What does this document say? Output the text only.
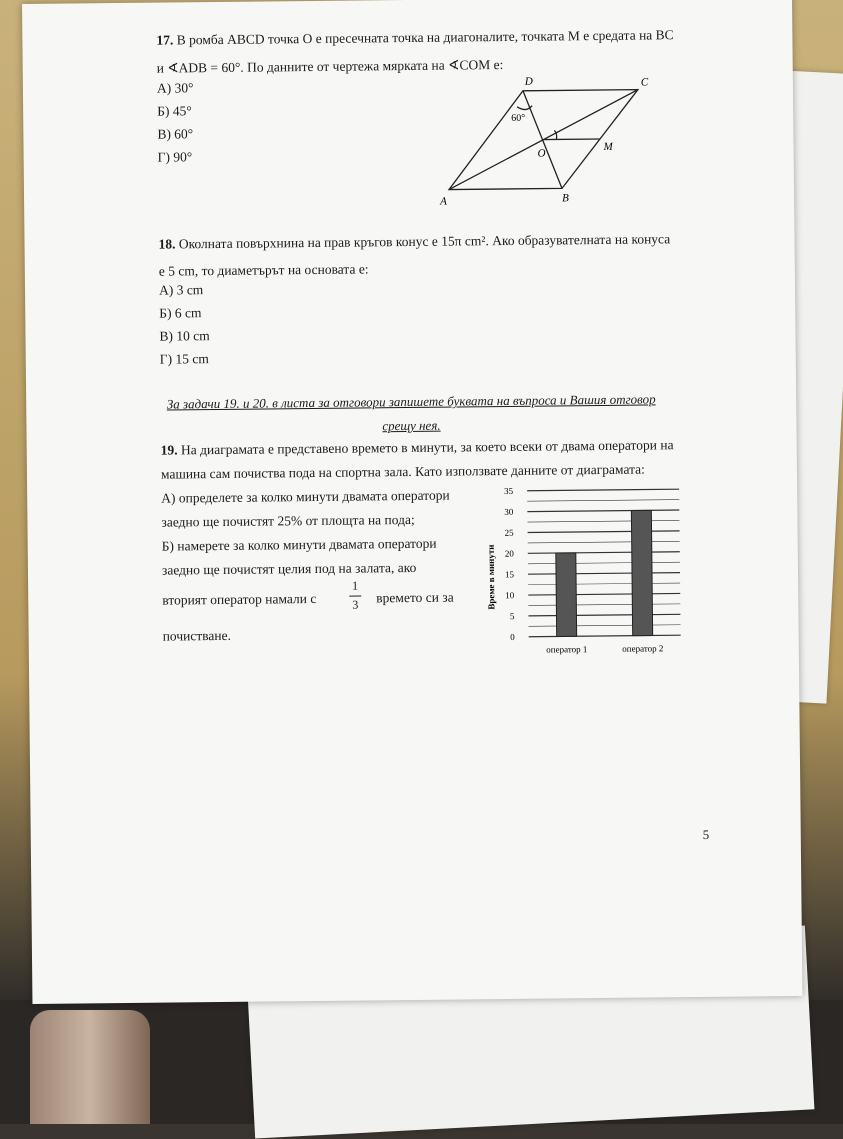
17. В ромба ABCD точка O е пресечната точка на диагоналите, точката M е средата на BC
и ∢ADB = 60°. По данните от чертежа мярката на ∢COM е:
А) 30°
Б) 45°
В) 60°
Г) 90°
A	B
C
D
O
M
60°
18. Околната повърхнина на прав кръгов конус е 15π cm². Ако образувателната на конуса
е 5 cm, то диаметърът на основата е:
А) 3 cm
Б) 6 cm
В) 10 cm
Г) 15 cm
За задачи 19. и 20. в листа за отговори запишете буквата на въпроса и Вашия отговор
срещу нея.
19. На диаграмата е представено времето в минути, за което всеки от двама оператори на
машина сам почиства пода на спортна зала. Като използвате данните от диаграмата:
А) определете за колко минути двамата оператори
заедно ще почистят 25% от площта на пода;
Б) намерете за колко минути двамата оператори
заедно ще почистят целия под на залата, ако
вторият оператор намали с
1
3 времето си за
почистване.	0
5
10
15
20
25
30
35
оператор 1	оператор 2
Време в минути
5
